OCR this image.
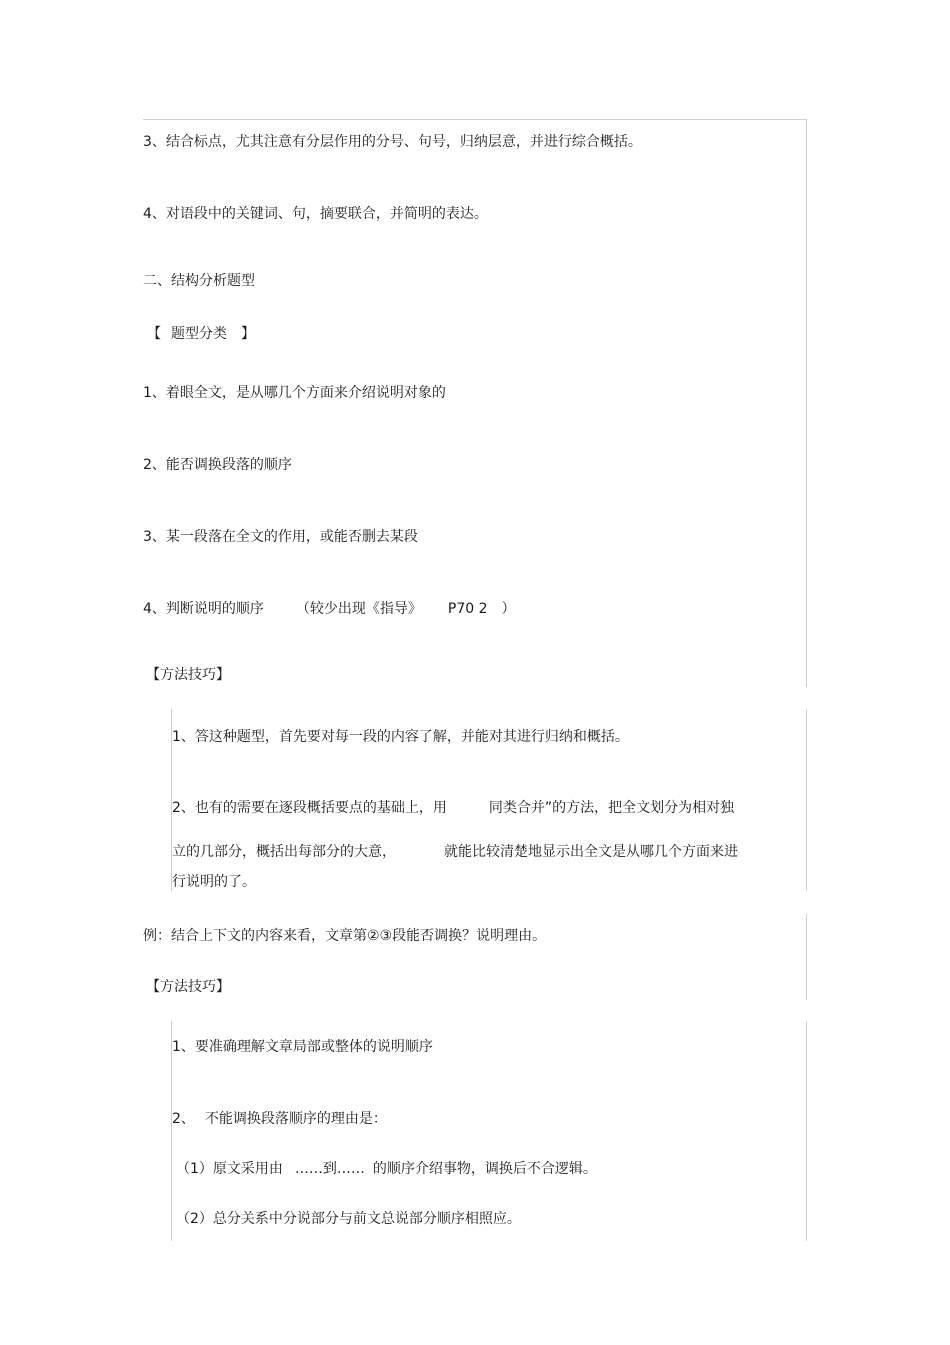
3、结合标点，尤其注意有分层作用的分号、句号，归纳层意，并进行综合概括。
4、对语段中的关键词、句，摘要联合，并简明的表达。
二、结构分析题型
【 题型分类 】
1、着眼全文，是从哪几个方面来介绍说明对象的
2、能否调换段落的顺序
3、某一段落在全文的作用，或能否删去某段
4、判断说明的顺序 （较少出现《指导》 P70 2 ）
【方法技巧】
1、答这种题型，首先要对每一段的内容了解，并能对其进行归纳和概括。
2、也有的需要在逐段概括要点的基础上，用	同类合并”的方法，把全文划分为相对独
立的几部分，概括出每部分的大意，	就能比较清楚地显示出全文是从哪几个方面来进
行说明的了。
例：结合上下文的内容来看，文章第②③段能否调换？说明理由。
【方法技巧】
1、要准确理解文章局部或整体的说明顺序
2、 不能调换段落顺序的理由是：
（1）原文采用由 ……到…… 的顺序介绍事物，调换后不合逻辑。
（2）总分关系中分说部分与前文总说部分顺序相照应。
